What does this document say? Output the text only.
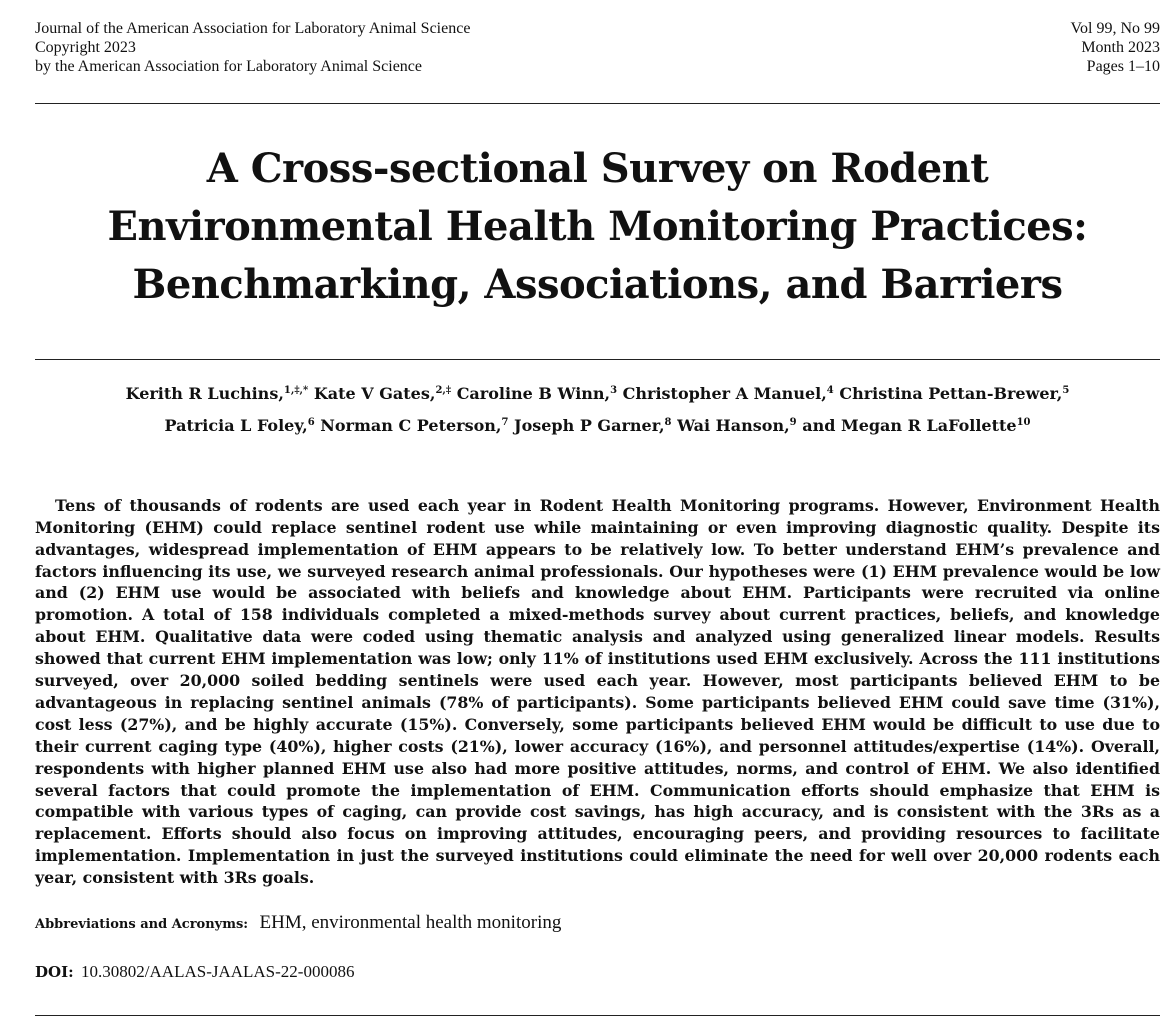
Journal of the American Association for Laboratory Animal Science
Copyright 2023
by the American Association for Laboratory Animal Science
Vol 99, No 99
Month 2023
Pages 1–10
A Cross-sectional Survey on Rodent
Environmental Health Monitoring Practices:
Benchmarking, Associations, and Barriers
Kerith R Luchins,$^{1,\ddagger,*}$ Kate V Gates,$^{2,\ddagger}$ Caroline B Winn,$^3$ Christopher A Manuel,$^4$ Christina Pettan-Brewer,$^5$
Patricia L Foley,$^6$ Norman C Peterson,$^7$ Joseph P Garner,$^8$ Wai Hanson,$^9$ and Megan R LaFollette$^{10}$

Tens of thousands of rodents are used each year in Rodent Health Monitoring programs. However, Environment Health Monitoring (EHM) could replace sentinel rodent use while maintaining or even improving diagnostic quality. Despite its advantages, widespread implementation of EHM appears to be relatively low. To better understand EHM’s prevalence and factors influencing its use, we surveyed research animal professionals. Our hypotheses were (1) EHM prevalence would be low and (2) EHM use would be associated with beliefs and knowledge about EHM. Participants were recruited via online promotion. A total of 158 individuals completed a mixed-methods survey about current practices, beliefs, and knowledge about EHM. Qualitative data were coded using thematic analysis and analyzed using generalized linear models. Results showed that current EHM implementation was low; only 11% of institutions used EHM exclusively. Across the 111 institutions surveyed, over 20,000 soiled bedding sentinels were used each year. However, most participants believed EHM to be advantageous in replacing sentinel animals (78% of participants). Some participants believed EHM could save time (31%), cost less (27%), and be highly accurate (15%). Conversely, some participants believed EHM would be difficult to use due to their current caging type (40%), higher costs (21%), lower accuracy (16%), and personnel attitudes/expertise (14%). Overall, respondents with higher planned EHM use also had more positive attitudes, norms, and control of EHM. We also identified several factors that could promote the implementation of EHM. Communication efforts should emphasize that EHM is compatible with various types of caging, can provide cost savings, has high accuracy, and is consistent with the 3Rs as a replacement. Efforts should also focus on improving attitudes, encouraging peers, and providing resources to facilitate implementation. Implementation in just the surveyed institutions could eliminate the need for well over 20,000 rodents each year, consistent with 3Rs goals.

Abbreviations and Acronyms: EHM, environmental health monitoring
DOI: 10.30802/AALAS-JAALAS-22-000086
